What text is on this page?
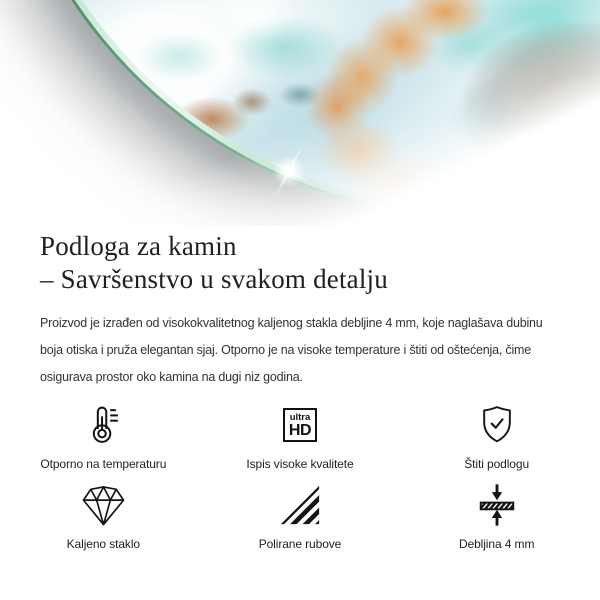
Podloga za kamin
– Savršenstvo u svakom detalju

Proizvod je izrađen od visokokvalitetnog kaljenog stakla debljine 4 mm, koje naglašava dubinu
boja otiska i pruža elegantan sjaj. Otporno je na visoke temperature i štiti od oštećenja, čime
osigurava prostor oko kamina na dugi niz godina.

Otporno na temperaturu
ultra
HD
Ispis visoke kvalitete	Štiti podlogu
Kaljeno staklo	Polirane rubove	Debljina 4 mm
